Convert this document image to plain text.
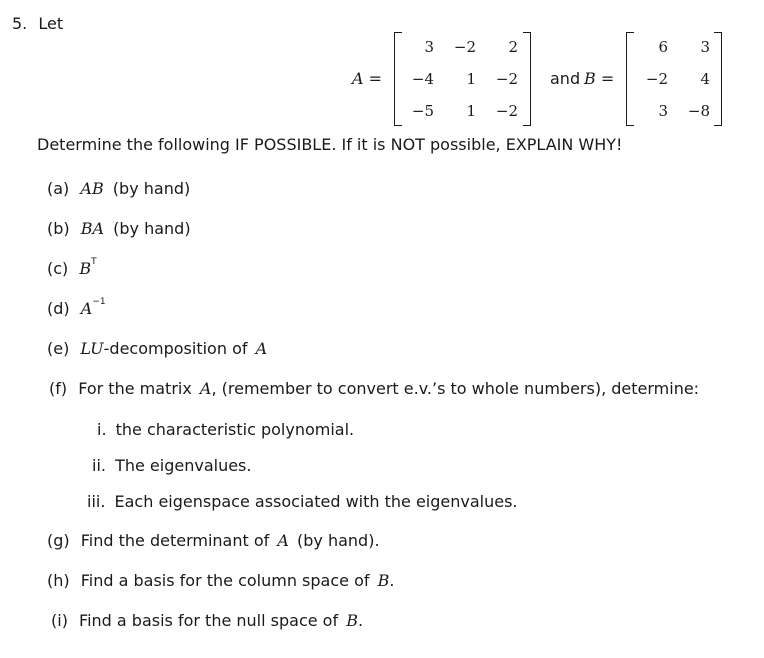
5. Let
A =
3	−2	2
−4	1	−2
−5	1	−2
and B =
6	3
−2	4
3	−8
Determine the following IF POSSIBLE. If it is NOT possible, EXPLAIN WHY!
(a) AB (by hand)
(b) BA (by hand)
(c) $B^T$
(d) $A^{-1}$
(e) LU-decomposition of A
(f) For the matrix A, (remember to convert e.v.’s to whole numbers), determine:
i. the characteristic polynomial.
ii. The eigenvalues.
iii. Each eigenspace associated with the eigenvalues.
(g) Find the determinant of A (by hand).
(h) Find a basis for the column space of B.
(i) Find a basis for the null space of B.
